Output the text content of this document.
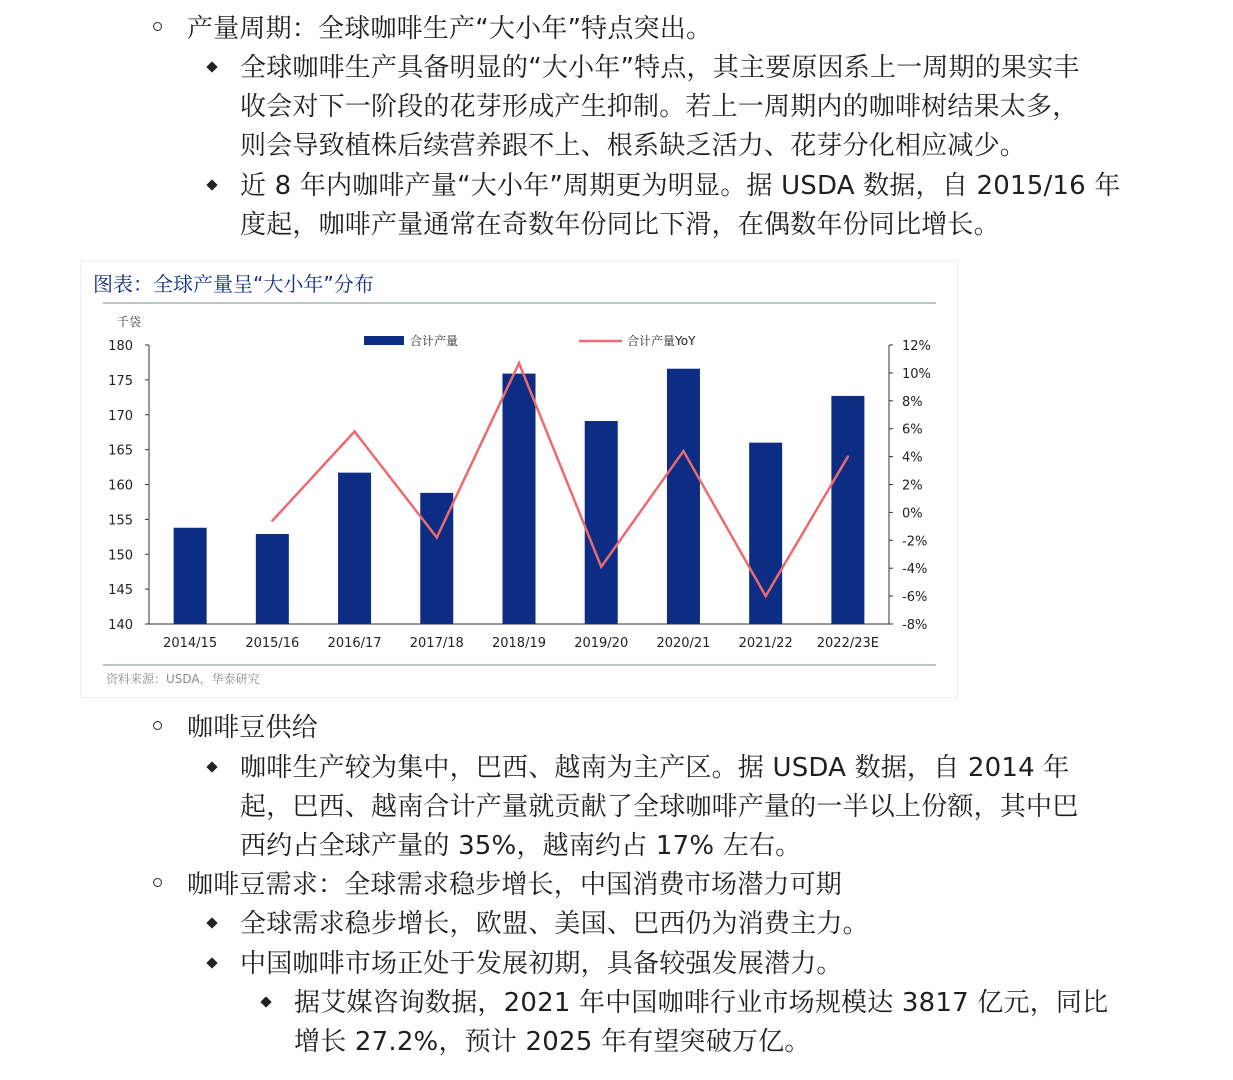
产量周期：全球咖啡生产“大小年”特点突出。
全球咖啡生产具备明显的“大小年”特点，其主要原因系上一周期的果实丰
收会对下一阶段的花芽形成产生抑制。若上一周期内的咖啡树结果太多，
则会导致植株后续营养跟不上、根系缺乏活力、花芽分化相应减少。
近 8 年内咖啡产量“大小年”周期更为明显。据 USDA 数据，自 2015/16 年
度起，咖啡产量通常在奇数年份同比下滑，在偶数年份同比增长。
图表：全球产量呈“大小年”分布
千袋
140
145
150
155
160
165
170
175
180
-8%
-6%
-4%
-2%
0%
2%
4%
6%
8%
10%
12%
2014/15 2015/16 2016/17 2017/18 2018/19 2019/20 2020/21 2021/22 2022/23E
合计产量	合计产量YoY
资料来源：USDA，华泰研究
咖啡豆供给
咖啡生产较为集中，巴西、越南为主产区。据 USDA 数据，自 2014 年
起，巴西、越南合计产量就贡献了全球咖啡产量的一半以上份额，其中巴
西约占全球产量的 35%，越南约占 17% 左右。
咖啡豆需求：全球需求稳步增长，中国消费市场潜力可期
全球需求稳步增长，欧盟、美国、巴西仍为消费主力。
中国咖啡市场正处于发展初期，具备较强发展潜力。
据艾媒咨询数据，2021 年中国咖啡行业市场规模达 3817 亿元，同比
增长 27.2%，预计 2025 年有望突破万亿。
